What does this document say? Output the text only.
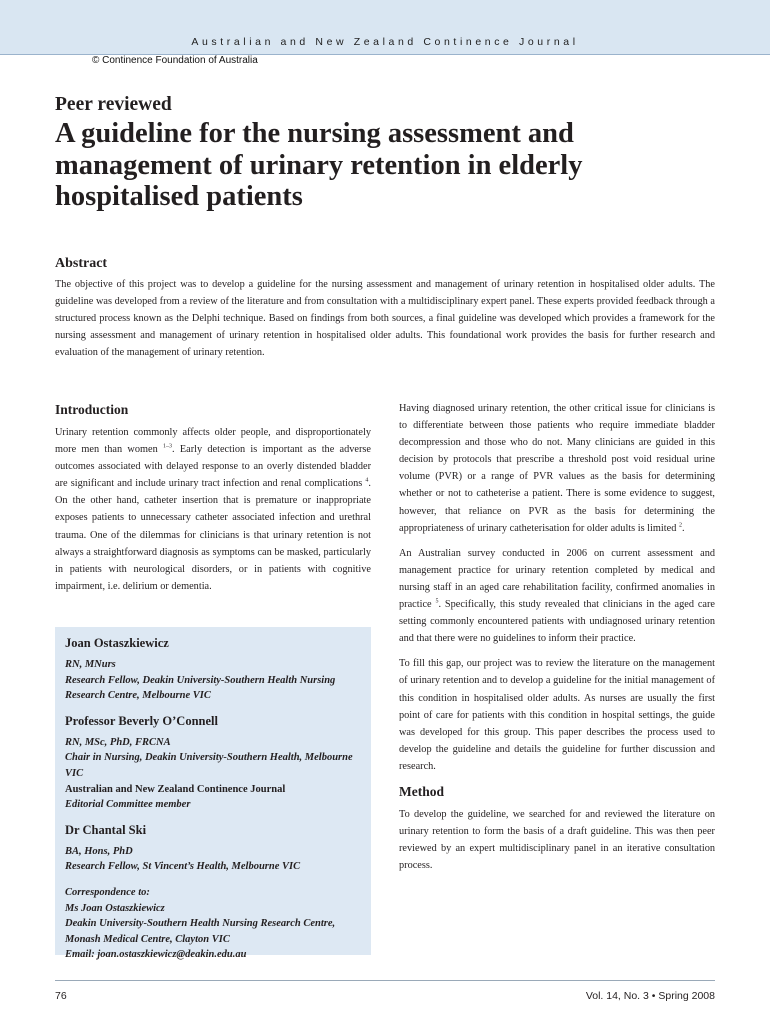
Australian and New Zealand Continence Journal
© Continence Foundation of Australia
Peer reviewed
A guideline for the nursing assessment and management of urinary retention in elderly hospitalised patients
Abstract

The objective of this project was to develop a guideline for the nursing assessment and management of urinary retention in hospitalised older adults. The guideline was developed from a review of the literature and from consultation with a multidisciplinary expert panel. These experts provided feedback through a structured process known as the Delphi technique. Based on findings from both sources, a final guideline was developed which provides a framework for the nursing assessment and management of urinary retention in hospitalised older adults. This foundational work provides the basis for further research and evaluation of the management of urinary retention.

Introduction

Urinary retention commonly affects older people, and disproportionately more men than women $^{1-3}$. Early detection is important as the adverse outcomes associated with delayed response to an overly distended bladder are significant and include urinary tract infection and renal complications $^4$. On the other hand, catheter insertion that is premature or inappropriate exposes patients to unnecessary catheter associated infection and urethral trauma. One of the dilemmas for clinicians is that urinary retention is not always a straightforward diagnosis as symptoms can be masked, particularly in patients with neurological disorders, or in patients with cognitive impairment, i.e. delirium or dementia.

Joan Ostaszkiewicz
RN, MNurs
Research Fellow, Deakin University-Southern Health Nursing Research Centre, Melbourne VIC
Professor Beverly O’Connell
RN, MSc, PhD, FRCNA
Chair in Nursing, Deakin University-Southern Health, Melbourne VIC
Australian and New Zealand Continence Journal
Editorial Committee member
Dr Chantal Ski
BA, Hons, PhD
Research Fellow, St Vincent’s Health, Melbourne VIC
Correspondence to:
Ms Joan Ostaszkiewicz
Deakin University-Southern Health Nursing Research Centre, Monash Medical Centre, Clayton VIC
Email: joan.ostaszkiewicz@deakin.edu.au

Having diagnosed urinary retention, the other critical issue for clinicians is to differentiate between those patients who require immediate bladder decompression and those who do not. Many clinicians are guided in this decision by protocols that prescribe a threshold post void residual urine volume (PVR) or a range of PVR values as the basis for determining whether or not to catheterise a patient. There is some evidence to suggest, however, that reliance on PVR as the basis for determining the appropriateness of urinary catheterisation for older adults is limited $^2$.

An Australian survey conducted in 2006 on current assessment and management practice for urinary retention completed by medical and nursing staff in an aged care rehabilitation facility, confirmed anomalies in practice $^5$. Specifically, this study revealed that clinicians in the aged care setting commonly encountered patients with undiagnosed urinary retention and that there were no guidelines to inform their practice.

To fill this gap, our project was to review the literature on the management of urinary retention and to develop a guideline for the initial management of this condition in hospitalised older adults. As nurses are usually the first point of care for patients with this condition in hospital settings, the guide was developed for this group. This paper describes the process used to develop the guideline and details the guideline for further discussion and research.

Method

To develop the guideline, we searched for and reviewed the literature on urinary retention to form the basis of a draft guideline. This was then peer reviewed by an expert multidisciplinary panel in an iterative consultation process.

76	Vol. 14, No. 3 • Spring 2008
